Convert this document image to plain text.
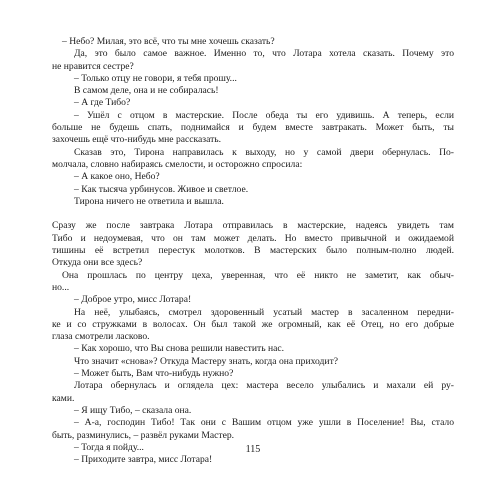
– Небо? Милая, это всё, что ты мне хочешь сказать?
Да, это было самое важное. Именно то, что Лотара хотела сказать. Почему это
не нравится сестре?
– Только отцу не говори, я тебя прошу...
В самом деле, она и не собиралась!
– А где Тибо?
– Ушёл с отцом в мастерские. После обеда ты его удивишь. А теперь, если
больше не будешь спать, поднимайся и будем вместе завтракать. Может быть, ты
захочешь ещё что-нибудь мне рассказать.
Сказав это, Тирона направилась к выходу, но у самой двери обернулась. По-
молчала, словно набираясь смелости, и осторожно спросила:
– А какое оно, Небо?
– Как тысяча урбинусов. Живое и светлое.
Тирона ничего не ответила и вышла.
Сразу же после завтрака Лотара отправилась в мастерские, надеясь увидеть там
Тибо и недоумевая, что он там может делать. Но вместо привычной и ожидаемой
тишины её встретил перестук молотков. В мастерских было полным-полно людей.
Откуда они все здесь?
Она прошлась по центру цеха, уверенная, что её никто не заметит, как обыч-
но...
– Доброе утро, мисс Лотара!
На неё, улыбаясь, смотрел здоровенный усатый мастер в засаленном передни-
ке и со стружками в волосах. Он был такой же огромный, как её Отец, но его добрые
глаза смотрели ласково.
– Как хорошо, что Вы снова решили навестить нас.
Что значит «снова»? Откуда Мастеру знать, когда она приходит?
– Может быть, Вам что-нибудь нужно?
Лотара обернулась и оглядела цех: мастера весело улыбались и махали ей ру-
ками.
– Я ищу Тибо, – сказала она.
– А-а, господин Тибо! Так они с Вашим отцом уже ушли в Поселение! Вы, стало
быть, разминулись, – развёл руками Мастер.
– Тогда я пойду...
– Приходите завтра, мисс Лотара!
115
